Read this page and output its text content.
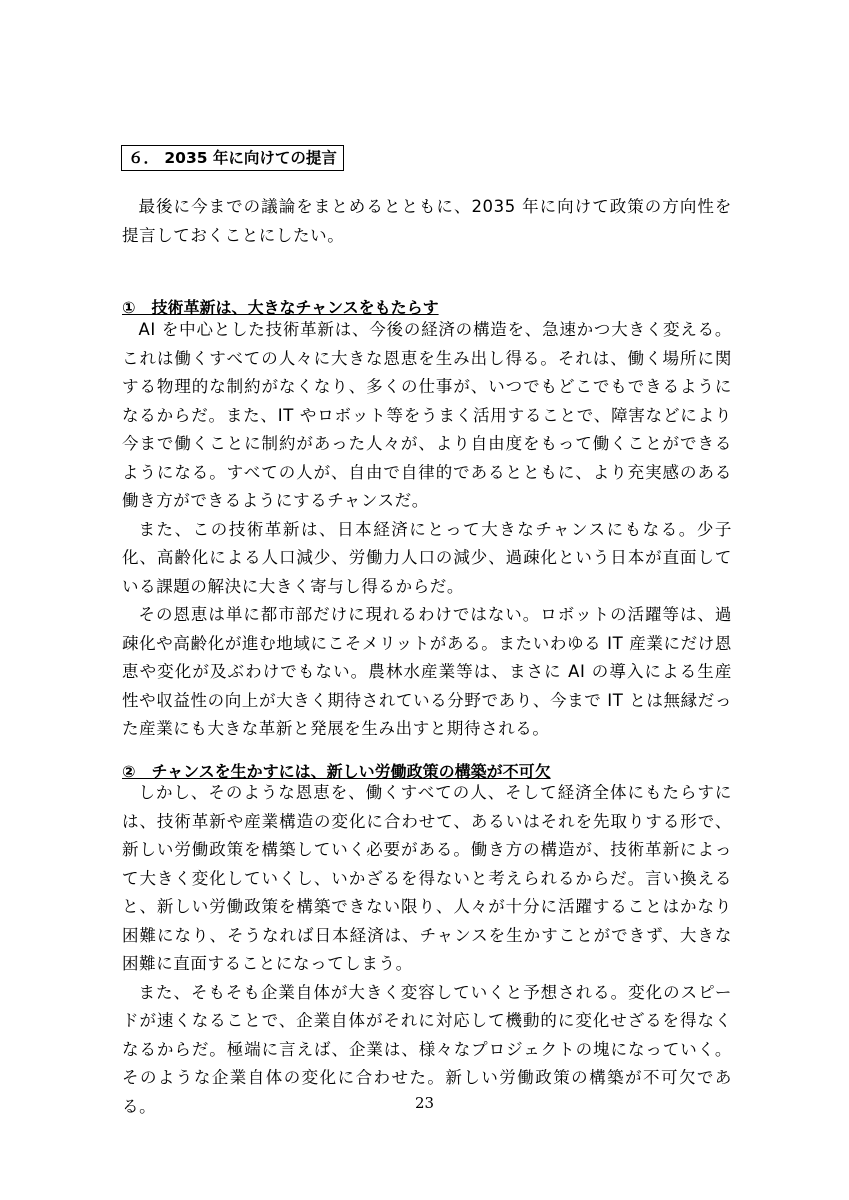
６． 2035 年に向けての提言

最後に今までの議論をまとめるとともに、2035 年に向けて政策の方向性を提言しておくことにしたい。

①　技術革新は、大きなチャンスをもたらす

AI を中心とした技術革新は、今後の経済の構造を、急速かつ大きく変える。これは働くすべての人々に大きな恩恵を生み出し得る。それは、働く場所に関する物理的な制約がなくなり、多くの仕事が、いつでもどこでもできるようになるからだ。また、IT やロボット等をうまく活用することで、障害などにより今まで働くことに制約があった人々が、より自由度をもって働くことができるようになる。すべての人が、自由で自律的であるとともに、より充実感のある働き方ができるようにするチャンスだ。

また、この技術革新は、日本経済にとって大きなチャンスにもなる。少子化、高齢化による人口減少、労働力人口の減少、過疎化という日本が直面している課題の解決に大きく寄与し得るからだ。

その恩恵は単に都市部だけに現れるわけではない。ロボットの活躍等は、過疎化や高齢化が進む地域にこそメリットがある。またいわゆる IT 産業にだけ恩恵や変化が及ぶわけでもない。農林水産業等は、まさに AI の導入による生産性や収益性の向上が大きく期待されている分野であり、今まで IT とは無縁だった産業にも大きな革新と発展を生み出すと期待される。

②　チャンスを生かすには、新しい労働政策の構築が不可欠

しかし、そのような恩恵を、働くすべての人、そして経済全体にもたらすには、技術革新や産業構造の変化に合わせて、あるいはそれを先取りする形で、新しい労働政策を構築していく必要がある。働き方の構造が、技術革新によって大きく変化していくし、いかざるを得ないと考えられるからだ。言い換えると、新しい労働政策を構築できない限り、人々が十分に活躍することはかなり困難になり、そうなれば日本経済は、チャンスを生かすことができず、大きな困難に直面することになってしまう。

また、そもそも企業自体が大きく変容していくと予想される。変化のスピードが速くなることで、企業自体がそれに対応して機動的に変化せざるを得なくなるからだ。極端に言えば、企業は、様々なプロジェクトの塊になっていく。そのような企業自体の変化に合わせた。新しい労働政策の構築が不可欠である。	23
